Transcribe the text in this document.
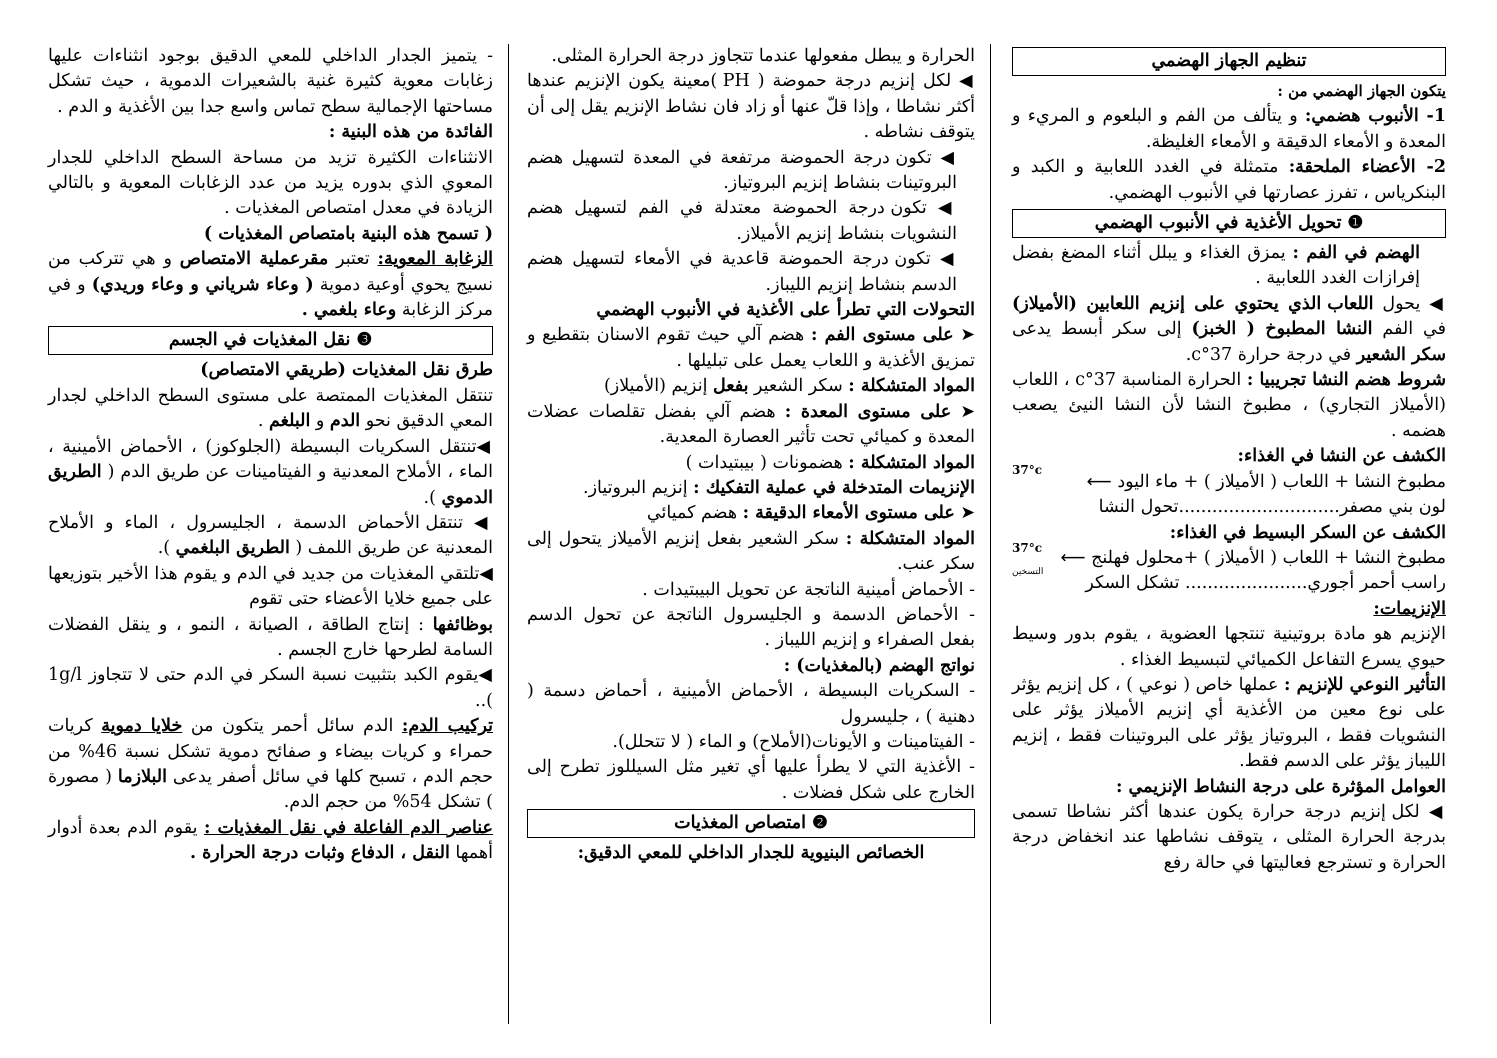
تنظيم الجهاز الهضمي

يتكون الجهاز الهضمي من :

1- الأنبوب هضمي: و يتألف من الفم و البلعوم و المريء و المعدة و الأمعاء الدقيقة و الأمعاء الغليظة.

2- الأعضاء الملحقة: متمثلة في الغدد اللعابية و الكبد و البنكرياس ، تفرز عصارتها في الأنبوب الهضمي.

❶ تحويل الأغذية في الأنبوب الهضمي

الهضم في الفم : يمزق الغذاء و يبلل أثناء المضغ بفضل إفرازات الغدد اللعابية .

◀ يحول اللعاب الذي يحتوي على إنزيم اللعابين (الأميلاز) في الفم النشا المطبوخ ( الخبز) إلى سكر أبسط يدعى سكر الشعير في درجة حرارة 37°c.

شروط هضم النشا تجريبيا : الحرارة المناسبة 37°c ، اللعاب (الأميلاز التجاري) ، مطبوخ النشا لأن النشا النيئ يصعب هضمه .

الكشف عن النشا في الغذاء:

مطبوخ النشا + اللعاب ( الأميلاز ) + ماء اليود ⟵
37°c

لون بني مصفر.............................تحول النشا

الكشف عن السكر البسيط في الغذاء:

مطبوخ النشا + اللعاب ( الأميلاز ) +محلول فهلنج ⟵
37°c
التسخين

راسب أحمر أجوري...................... تشكل السكر

الإنزيمات:

الإنزيم هو مادة بروتينية تنتجها العضوية ، يقوم بدور وسيط حيوي يسرع التفاعل الكميائي لتبسيط الغذاء .

التأثير النوعي للإنزيم : عملها خاص ( نوعي ) ، كل إنزيم يؤثر على نوع معين من الأغذية أي إنزيم الأميلاز يؤثر على النشويات فقط ، البروتياز يؤثر على البروتينات فقط ، إنزيم الليباز يؤثر على الدسم فقط.

العوامل المؤثرة على درجة النشاط الإنزيمي :

◀ لكل إنزيم درجة حرارة يكون عندها أكثر نشاطا تسمى بدرجة الحرارة المثلى ، يتوقف نشاطها عند انخفاض درجة الحرارة و تسترجع فعاليتها في حالة رفع

الحرارة و يبطل مفعولها عندما تتجاوز درجة الحرارة المثلى.

◀ لكل إنزيم درجة حموضة ( PH )معينة يكون الإنزيم عندها أكثر نشاطا ، وإذا قلّ عنها أو زاد فان نشاط الإنزيم يقل إلى أن يتوقف نشاطه .

◀ تكون درجة الحموضة مرتفعة في المعدة لتسهيل هضم البروتينات بنشاط إنزيم البروتياز.

◀ تكون درجة الحموضة معتدلة في الفم لتسهيل هضم النشويات بنشاط إنزيم الأميلاز.

◀ تكون درجة الحموضة قاعدية في الأمعاء لتسهيل هضم الدسم بنشاط إنزيم الليباز.

التحولات التي تطرأ على الأغذية في الأنبوب الهضمي

➤ على مستوى الفم : هضم آلي حيث تقوم الاسنان بتقطيع و تمزيق الأغذية و اللعاب يعمل على تبليلها .

المواد المتشكلة : سكر الشعير بفعل إنزيم (الأميلاز)

➤ على مستوى المعدة : هضم آلي بفضل تقلصات عضلات المعدة و كميائي تحت تأثير العصارة المعدية.

المواد المتشكلة : هضمونات ( بيبتيدات )

الإنزيمات المتدخلة في عملية التفكيك : إنزيم البروتياز.

➤ على مستوى الأمعاء الدقيقة : هضم كميائي

المواد المتشكلة : سكر الشعير بفعل إنزيم الأميلاز يتحول إلى سكر عنب.

- الأحماض أمينية الناتجة عن تحويل البيبتيدات .

- الأحماض الدسمة و الجليسرول الناتجة عن تحول الدسم بفعل الصفراء و إنزيم الليباز .

نواتج الهضم (بالمغذيات) :

- السكريات البسيطة ، الأحماض الأمينية ، أحماض دسمة ( دهنية ) ، جليسرول

- الفيتامينات و الأيونات(الأملاح) و الماء ( لا تتحلل).

- الأغذية التي لا يطرأ عليها أي تغير مثل السيللوز تطرح إلى الخارج على شكل فضلات .

❷ امتصاص المغذيات

الخصائص البنيوية للجدار الداخلي للمعي الدقيق:

- يتميز الجدار الداخلي للمعي الدقيق بوجود انثناءات عليها زغابات معوية كثيرة غنية بالشعيرات الدموية ، حيث تشكل مساحتها الإجمالية سطح تماس واسع جدا بين الأغذية و الدم .

الفائدة من هذه البنية :

الانثناءات الكثيرة تزيد من مساحة السطح الداخلي للجدار المعوي الذي بدوره يزيد من عدد الزغابات المعوية و بالتالي الزيادة في معدل امتصاص المغذيات .

( تسمح هذه البنية بامتصاص المغذيات )

الزغابة المعوية: تعتبر مقرعملية الامتصاص و هي تتركب من نسيج يحوي أوعية دموية ( وعاء شرياني و وعاء وريدي) و في مركز الزغابة وعاء بلغمي .

❸ نقل المغذيات في الجسم

طرق نقل المغذيات (طريقي الامتصاص)

تنتقل المغذيات الممتصة على مستوى السطح الداخلي لجدار المعي الدقيق نحو الدم و البلغم .

◀تنتقل السكريات البسيطة (الجلوكوز) ، الأحماض الأمينية ، الماء ، الأملاح المعدنية و الفيتامينات عن طريق الدم ( الطريق الدموي ).

◀ تنتقل الأحماض الدسمة ، الجليسرول ، الماء و الأملاح المعدنية عن طريق اللمف ( الطريق البلغمي ).

◀تلتقي المغذيات من جديد في الدم و يقوم هذا الأخير بتوزيعها على جميع خلايا الأعضاء حتى تقوم

بوظائفها : إنتاج الطاقة ، الصيانة ، النمو ، و ينقل الفضلات السامة لطرحها خارج الجسم .

◀يقوم الكبد بتثبيت نسبة السكر في الدم حتى لا تتجاوز 1g/l )..

تركيب الدم: الدم سائل أحمر يتكون من خلايا دموية كريات حمراء و كريات بيضاء و صفائح دموية تشكل نسبة 46% من حجم الدم ، تسبح كلها في سائل أصفر يدعى البلازما ( مصورة ) تشكل 54% من حجم الدم.

عناصر الدم الفاعلة في نقل المغذيات : يقوم الدم بعدة أدوار أهمها النقل ، الدفاع وثبات درجة الحرارة .
